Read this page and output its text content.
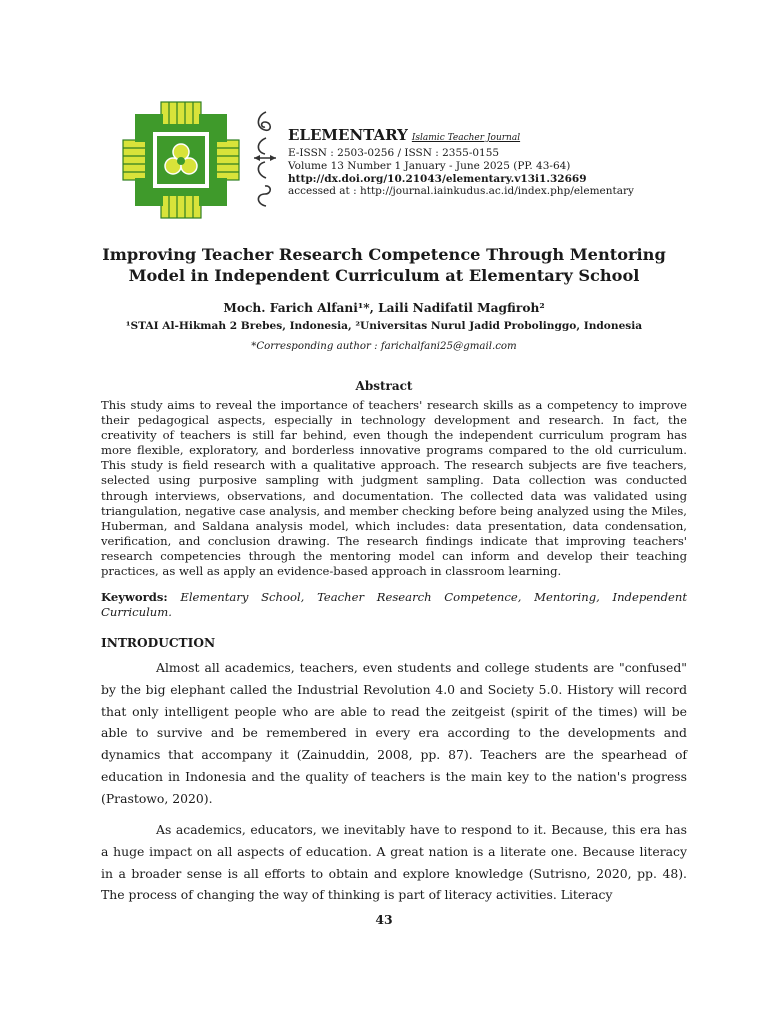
ELEMENTARY Islamic Teacher Journal
E-ISSN : 2503-0256 / ISSN : 2355-0155
Volume 13 Number 1 January - June 2025 (PP. 43-64)
http://dx.doi.org/10.21043/elementary.v13i1.32669
accessed at : http://journal.iainkudus.ac.id/index.php/elementary
Improving Teacher Research Competence Through Mentoring
Model in Independent Curriculum at Elementary School
Moch. Farich Alfani¹*, Laili Nadifatil Magfiroh²
¹STAI Al-Hikmah 2 Brebes, Indonesia, ²Universitas Nurul Jadid Probolinggo, Indonesia
*Corresponding author : farichalfani25@gmail.com
Abstract

This study aims to reveal the importance of teachers' research skills as a competency to improve their pedagogical aspects, especially in technology development and research. In fact, the creativity of teachers is still far behind, even though the independent curriculum program has more flexible, exploratory, and borderless innovative programs compared to the old curriculum. This study is field research with a qualitative approach. The research subjects are five teachers, selected using purposive sampling with judgment sampling. Data collection was conducted through interviews, observations, and documentation. The collected data was validated using triangulation, negative case analysis, and member checking before being analyzed using the Miles, Huberman, and Saldana analysis model, which includes: data presentation, data condensation, verification, and conclusion drawing. The research findings indicate that improving teachers' research competencies through the mentoring model can inform and develop their teaching practices, as well as apply an evidence-based approach in classroom learning.

Keywords: Elementary School, Teacher Research Competence, Mentoring, Independent Curriculum.

INTRODUCTION

Almost all academics, teachers, even students and college students are "confused" by the big elephant called the Industrial Revolution 4.0 and Society 5.0. History will record that only intelligent people who are able to read the zeitgeist (spirit of the times) will be able to survive and be remembered in every era according to the developments and dynamics that accompany it (Zainuddin, 2008, pp. 87). Teachers are the spearhead of education in Indonesia and the quality of teachers is the main key to the nation's progress (Prastowo, 2020).

As academics, educators, we inevitably have to respond to it. Because, this era has a huge impact on all aspects of education. A great nation is a literate one. Because literacy in a broader sense is all efforts to obtain and explore knowledge (Sutrisno, 2020, pp. 48). The process of changing the way of thinking is part of literacy activities. Literacy

43
